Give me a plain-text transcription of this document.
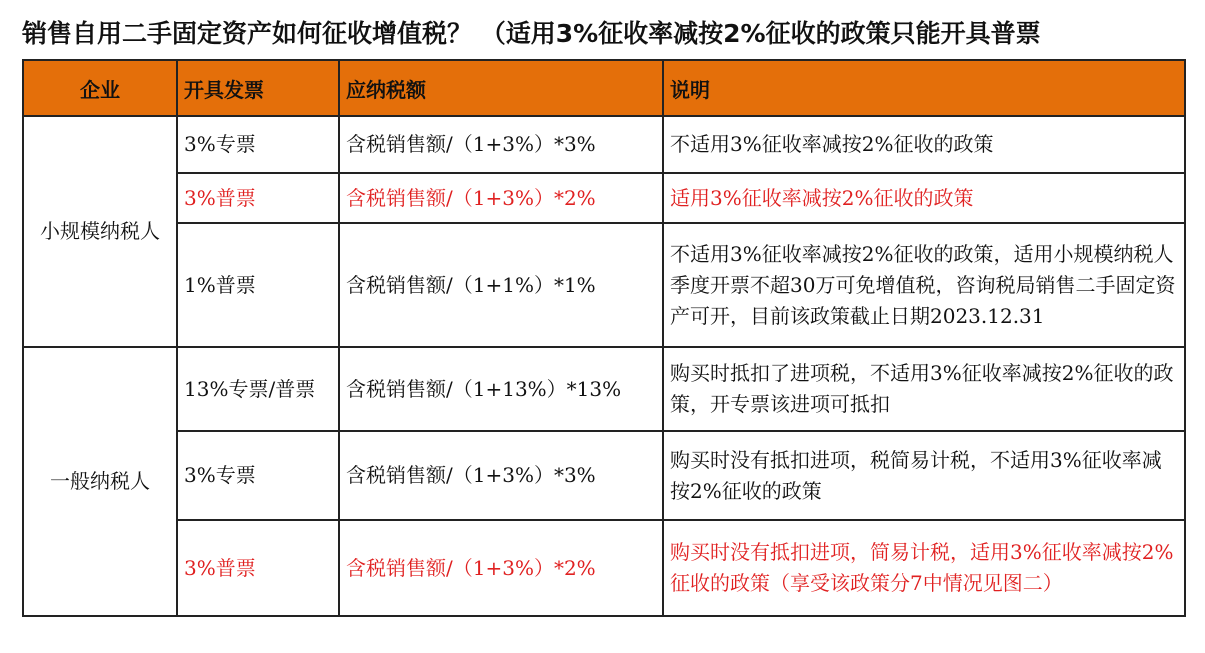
销售自用二手固定资产如何征收增值税？ （适用3%征收率减按2%征收的政策只能开具普票
企业	开具发票	应纳税额	说明
小规模纳税人	3%专票	含税销售额/（1+3%）*3%	不适用3%征收率减按2%征收的政策
	3%普票	含税销售额/（1+3%）*2%	适用3%征收率减按2%征收的政策
	1%普票	含税销售额/（1+1%）*1%	不适用3%征收率减按2%征收的政策，适用小规模纳税人季度开票不超30万可免增值税，咨询税局销售二手固定资产可开，目前该政策截止日期2023.12.31
一般纳税人	13%专票/普票	含税销售额/（1+13%）*13%	购买时抵扣了进项税，不适用3%征收率减按2%征收的政策，开专票该进项可抵扣
	3%专票	含税销售额/（1+3%）*3%	购买时没有抵扣进项，税简易计税，不适用3%征收率减按2%征收的政策
	3%普票	含税销售额/（1+3%）*2%	购买时没有抵扣进项，简易计税，适用3%征收率减按2%征收的政策（享受该政策分7中情况见图二）
